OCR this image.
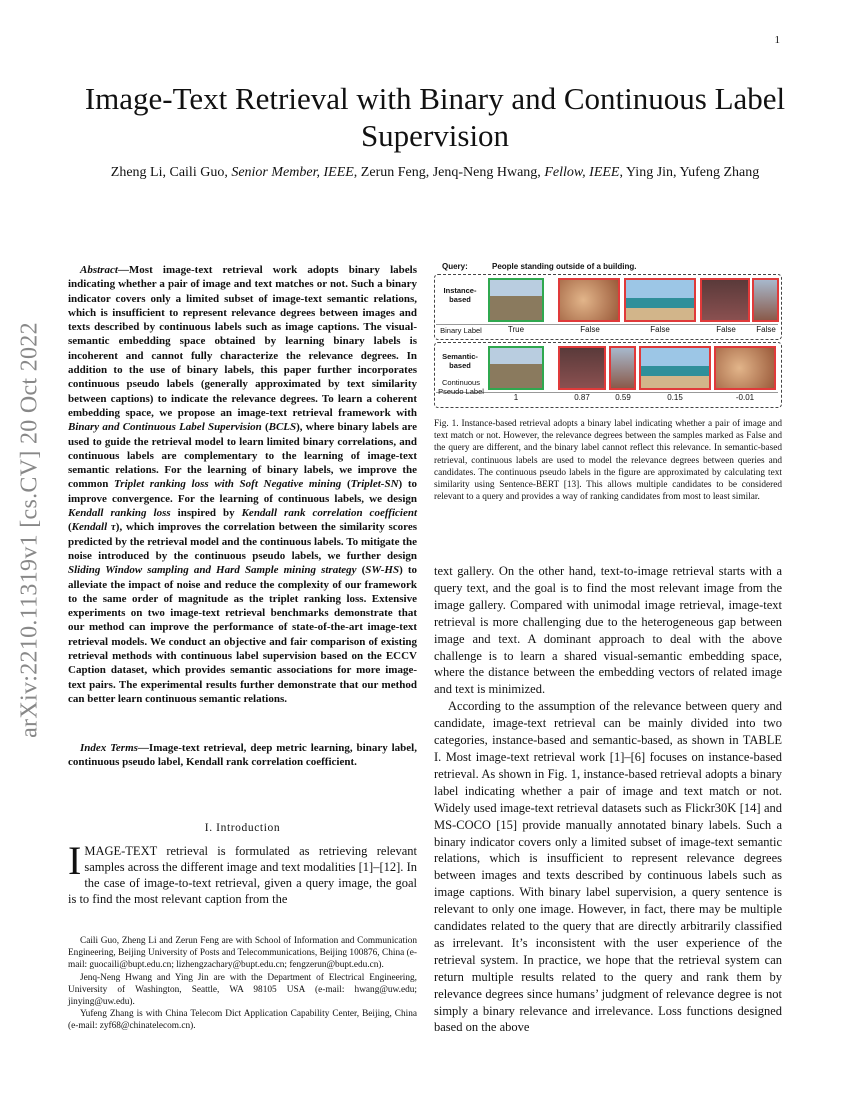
1
arXiv:2210.11319v1 [cs.CV] 20 Oct 2022
Image-Text Retrieval with Binary and Continuous Label Supervision
Zheng Li, Caili Guo, Senior Member, IEEE, Zerun Feng, Jenq-Neng Hwang, Fellow, IEEE, Ying Jin, Yufeng Zhang
Abstract—Most image-text retrieval work adopts binary labels indicating whether a pair of image and text matches or not. Such a binary indicator covers only a limited subset of image-text semantic relations, which is insufficient to represent relevance degrees between images and texts described by continuous labels such as image captions. The visual-semantic embedding space obtained by learning binary labels is incoherent and cannot fully characterize the relevance degrees. In addition to the use of binary labels, this paper further incorporates continuous pseudo labels (generally approximated by text similarity between captions) to indicate the relevance degrees. To learn a coherent embedding space, we propose an image-text retrieval framework with Binary and Continuous Label Supervision (BCLS), where binary labels are used to guide the retrieval model to learn limited binary correlations, and continuous labels are complementary to the learning of image-text semantic relations. For the learning of binary labels, we improve the common Triplet ranking loss with Soft Negative mining (Triplet-SN) to improve convergence. For the learning of continuous labels, we design Kendall ranking loss inspired by Kendall rank correlation coefficient (Kendall τ), which improves the correlation between the similarity scores predicted by the retrieval model and the continuous labels. To mitigate the noise introduced by the continuous pseudo labels, we further design Sliding Window sampling and Hard Sample mining strategy (SW-HS) to alleviate the impact of noise and reduce the complexity of our framework to the same order of magnitude as the triplet ranking loss. Extensive experiments on two image-text retrieval benchmarks demonstrate that our method can improve the performance of state-of-the-art image-text retrieval models. We conduct an objective and fair comparison of existing retrieval methods with continuous label supervision based on the ECCV Caption dataset, which provides semantic associations for more image-text pairs. The experimental results further demonstrate that our method can better learn continuous semantic relations.
Index Terms—Image-text retrieval, deep metric learning, binary label, continuous pseudo label, Kendall rank correlation coefficient.
I. Introduction
IMAGE-TEXT retrieval is formulated as retrieving relevant samples across the different image and text modalities [1]–[12]. In the case of image-to-text retrieval, given a query image, the goal is to find the most relevant caption from the

Caili Guo, Zheng Li and Zerun Feng are with School of Information and Communication Engineering, Beijing University of Posts and Telecommunications, Beijing 100876, China (e-mail: guocaili@bupt.edu.cn; lizhengzachary@bupt.edu.cn; fengzerun@bupt.edu.cn).

Jenq-Neng Hwang and Ying Jin are with the Department of Electrical Engineering, University of Washington, Seattle, WA 98105 USA (e-mail: hwang@uw.edu; jinying@uw.edu).

Yufeng Zhang is with China Telecom Dict Application Capability Center, Beijing, China (e-mail: zyf68@chinatelecom.cn).

Query:	People standing outside of a building.
Instance-based
Binary Label	True	False	False	False	False
Semantic-based
Continuous Pseudo Label
1	0.87	0.59	0.15	-0.01
Fig. 1. Instance-based retrieval adopts a binary label indicating whether a pair of image and text match or not. However, the relevance degrees between the samples marked as False and the query are different, and the binary label cannot reflect this relevance. In semantic-based retrieval, continuous labels are used to model the relevance degrees between queries and candidates. The continuous pseudo labels in the figure are approximated by calculating text similarity using Sentence-BERT [13]. This allows multiple candidates to be considered relevant to a query and provides a way of ranking candidates from most to least similar.

text gallery. On the other hand, text-to-image retrieval starts with a query text, and the goal is to find the most relevant image from the image gallery. Compared with unimodal image retrieval, image-text retrieval is more challenging due to the heterogeneous gap between image and text. A dominant approach to deal with the above challenge is to learn a shared visual-semantic embedding space, where the distance between the embedding vectors of related image and text is minimized.

According to the assumption of the relevance between query and candidate, image-text retrieval can be mainly divided into two categories, instance-based and semantic-based, as shown in TABLE I. Most image-text retrieval work [1]–[6] focuses on instance-based retrieval. As shown in Fig. 1, instance-based retrieval adopts a binary label indicating whether a pair of image and text match or not. Widely used image-text retrieval datasets such as Flickr30K [14] and MS-COCO [15] provide manually annotated binary labels. Such a binary indicator covers only a limited subset of image-text semantic relations, which is insufficient to represent relevance degrees between images and texts described by continuous labels such as image captions. With binary label supervision, a query sentence is relevant to only one image. However, in fact, there may be multiple candidates related to the query that are directly arbitrarily classified as irrelevant. It’s inconsistent with the user experience of the retrieval system. In practice, we hope that the retrieval system can return multiple results related to the query and rank them by relevance degrees since humans’ judgment of relevance degree is not simply a binary relevance and irrelevance. Loss functions designed based on the above
